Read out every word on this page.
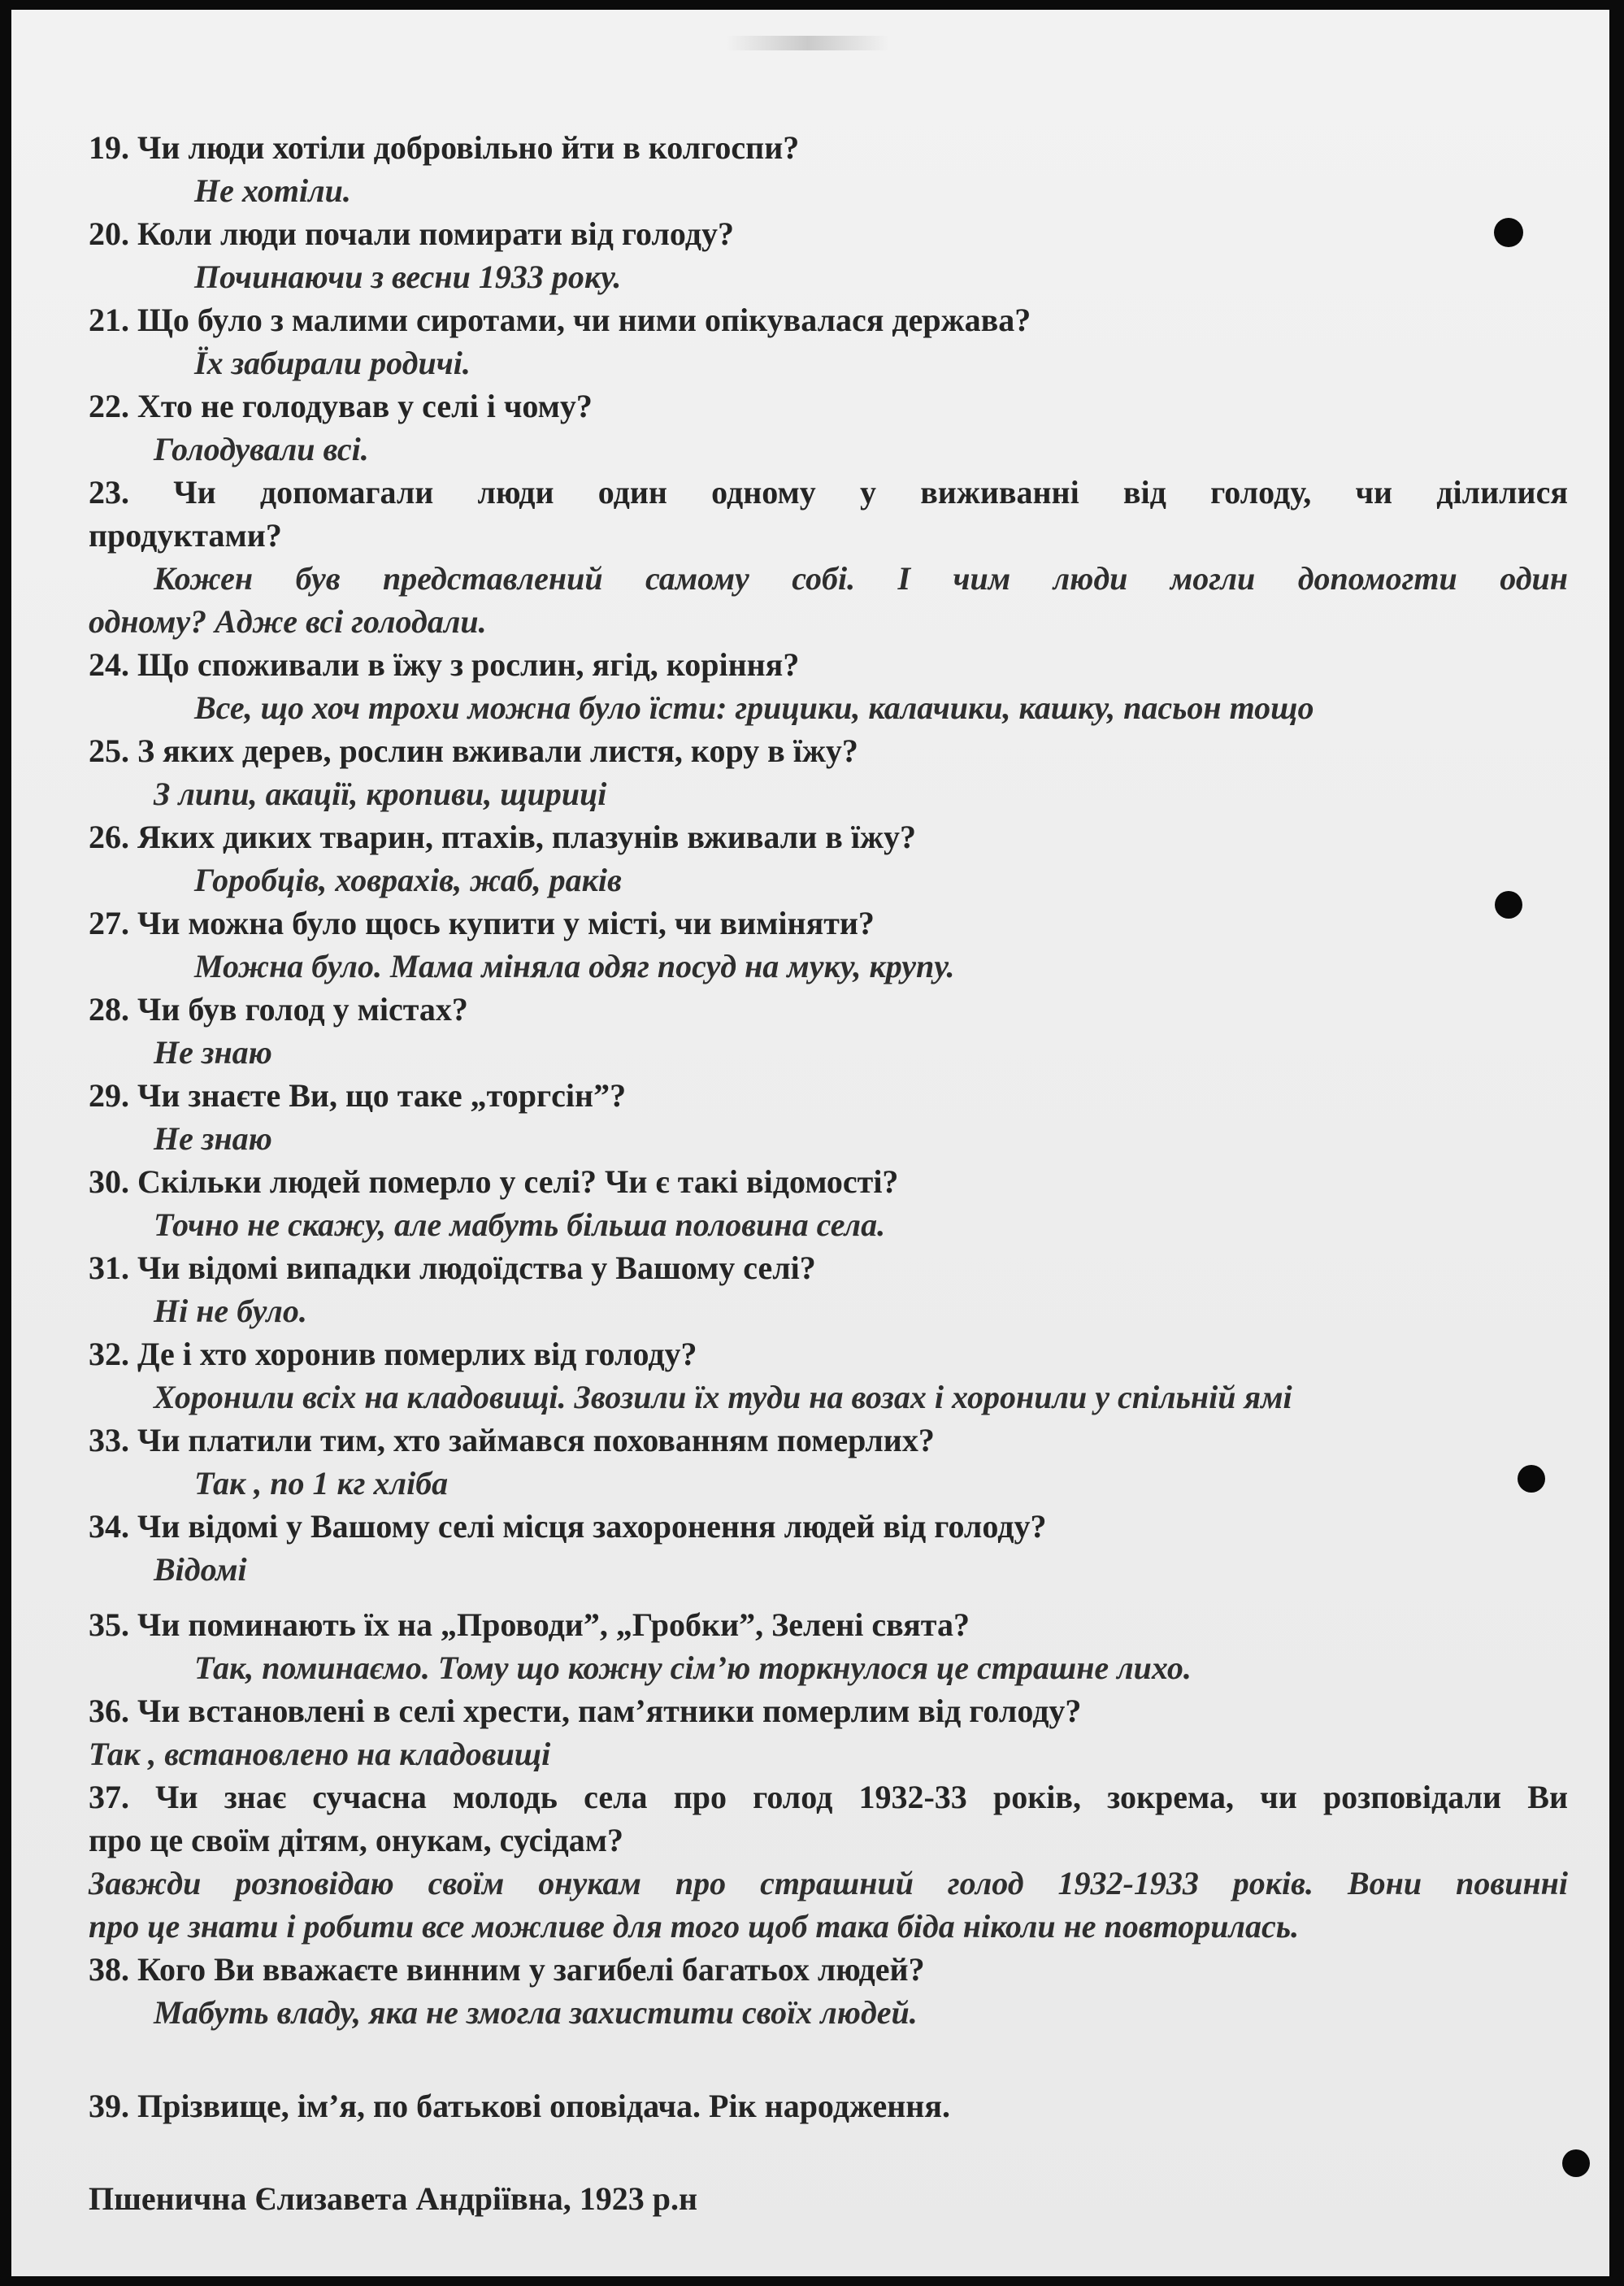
19. Чи люди хотіли добровільно йти в колгоспи?
Не хотіли.
20. Коли люди почали помирати від голоду?
Починаючи з весни 1933 року.
21. Що було з малими сиротами, чи ними опікувалася держава?
Їх забирали родичі.
22. Хто не голодував у селі і чому?
Голодували всі.
23. Чи допомагали люди один одному у виживанні від голоду, чи ділилися
продуктами?
Кожен був представлений самому собі. І чим люди могли допомогти один
одному? Адже всі голодали.
24. Що споживали в їжу з рослин, ягід, коріння?
Все, що хоч трохи можна було їсти: грицики, калачики, кашку, пасьон тощо
25. З яких дерев, рослин вживали листя, кору в їжу?
З липи, акації, кропиви, щириці
26. Яких диких тварин, птахів, плазунів вживали в їжу?
Горобців, ховрахів, жаб, раків
27. Чи можна було щось купити у місті, чи виміняти?
Можна було. Мама міняла одяг посуд на муку, крупу.
28. Чи був голод у містах?
Не знаю
29. Чи знаєте Ви, що таке „торгсін”?
Не знаю
30. Скільки людей померло у селі? Чи є такі відомості?
Точно не скажу, але мабуть більша половина села.
31. Чи відомі випадки людоїдства у Вашому селі?
Ні не було.
32. Де і хто хоронив померлих від голоду?
Хоронили всіх на кладовищі. Звозили їх туди на возах і хоронили у спільній ямі
33. Чи платили тим, хто займався похованням померлих?
Так , по 1 кг хліба
34. Чи відомі у Вашому селі місця захоронення людей від голоду?
Відомі
35. Чи поминають їх на „Проводи”, „Гробки”, Зелені свята?
Так, поминаємо. Тому що кожну сім’ю торкнулося це страшне лихо.
36. Чи встановлені в селі хрести, пам’ятники померлим від голоду?
Так , встановлено на кладовищі
37. Чи знає сучасна молодь села про голод 1932-33 років, зокрема, чи розповідали Ви
про це своїм дітям, онукам, сусідам?
Завжди розповідаю своїм онукам про страшний голод 1932-1933 років. Вони повинні
про це знати і робити все можливе для того щоб така біда ніколи не повторилась.
38. Кого Ви вважаєте винним у загибелі багатьох людей?
Мабуть владу, яка не змогла захистити своїх людей.
39. Прізвище, ім’я, по батькові оповідача. Рік народження.
Пшенична Єлизавета Андріївна, 1923 р.н
